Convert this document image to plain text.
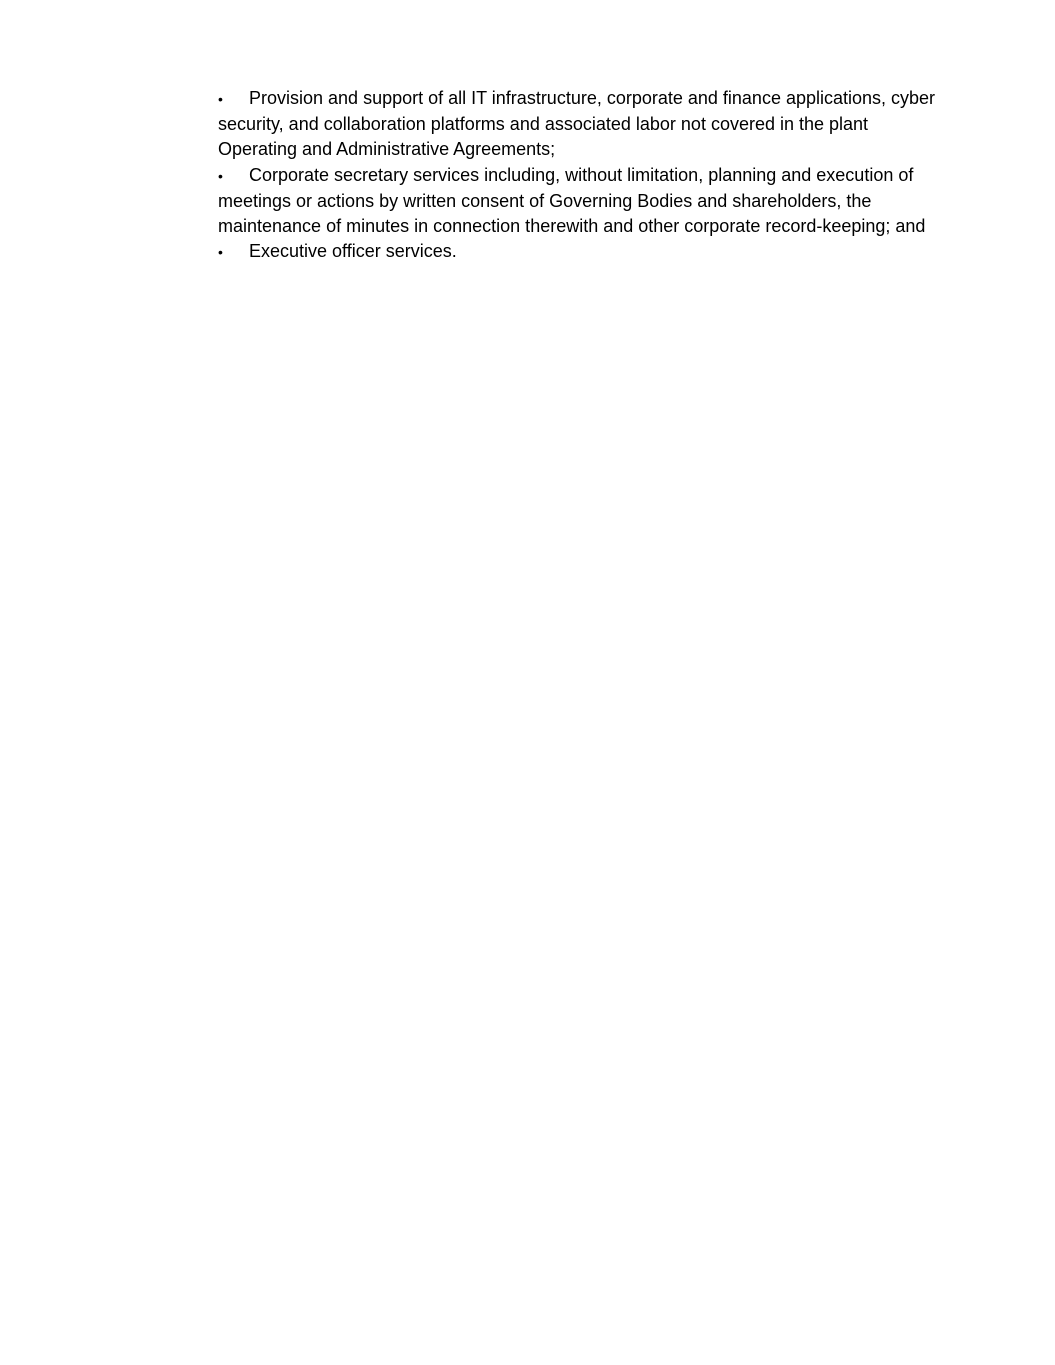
• Provision and support of all IT infrastructure, corporate and finance applications, cyber security, and collaboration platforms and associated labor not covered in the plant Operating and Administrative Agreements;

• Corporate secretary services including, without limitation, planning and execution of meetings or actions by written consent of Governing Bodies and shareholders, the maintenance of minutes in connection therewith and other corporate record-keeping; and

• Executive officer services.
